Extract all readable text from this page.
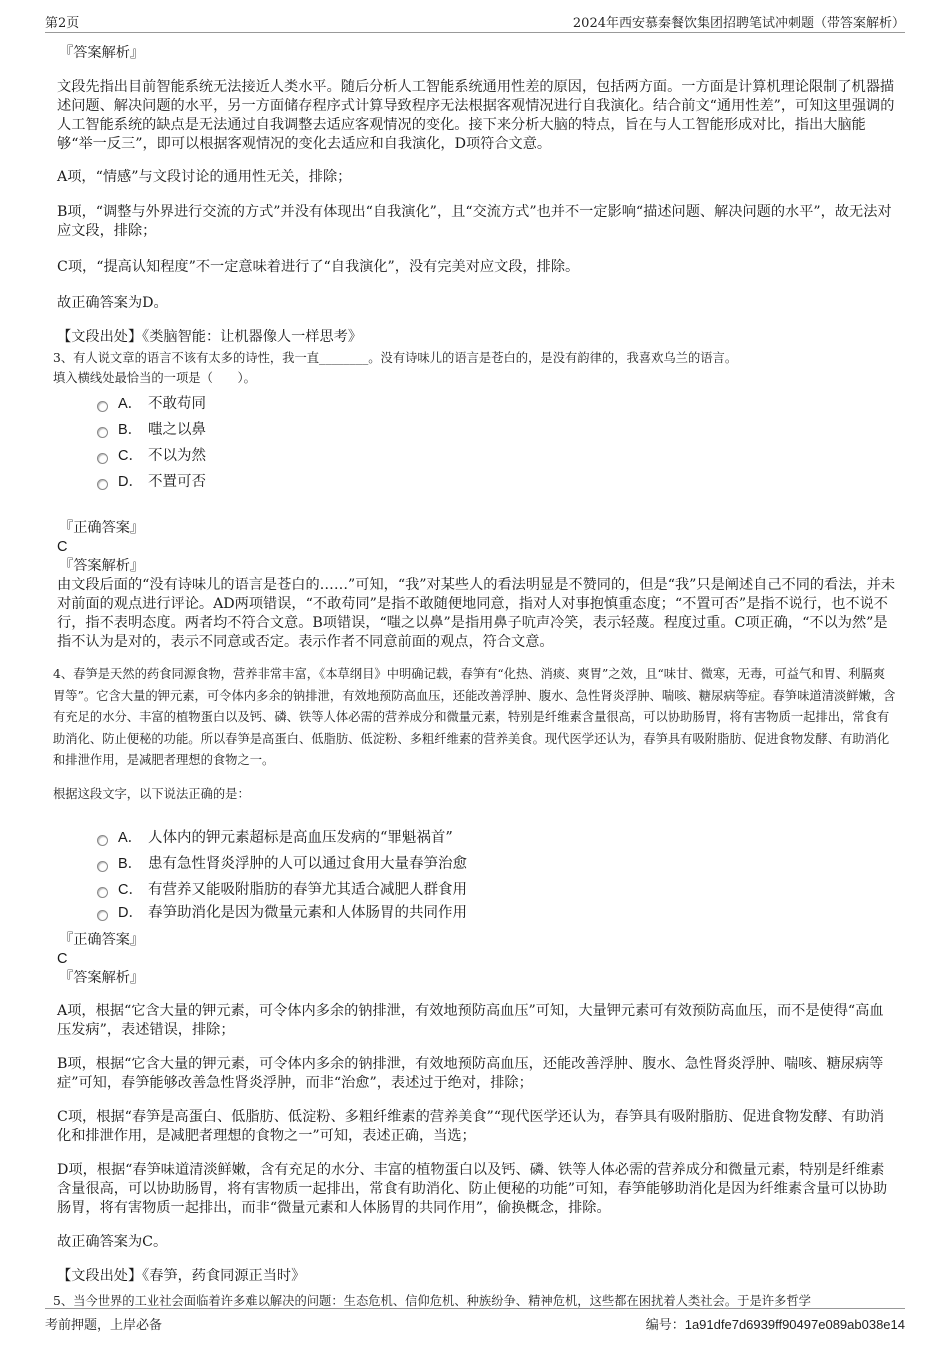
第2页	2024年西安慕秦餐饮集团招聘笔试冲刺题（带答案解析）
『答案解析』

文段先指出目前智能系统无法接近人类水平。随后分析人工智能系统通用性差的原因，包括两方面。一方面是计算机理论限制了机器描述问题、解决问题的水平，另一方面储存程序式计算导致程序无法根据客观情况进行自我演化。结合前文“通用性差”，可知这里强调的人工智能系统的缺点是无法通过自我调整去适应客观情况的变化。接下来分析大脑的特点，旨在与人工智能形成对比，指出大脑能够“举一反三”，即可以根据客观情况的变化去适应和自我演化，D项符合文意。

A项，“情感”与文段讨论的通用性无关，排除；

B项，“调整与外界进行交流的方式”并没有体现出“自我演化”，且“交流方式”也并不一定影响“描述问题、解决问题的水平”，故无法对应文段，排除；

C项，“提高认知程度”不一定意味着进行了“自我演化”，没有完美对应文段，排除。

故正确答案为D。

【文段出处】《类脑智能：让机器像人一样思考》

3、有人说文章的语言不该有太多的诗性，我一直________。没有诗味儿的语言是苍白的，是没有韵律的，我喜欢乌兰的语言。
填入横线处最恰当的一项是（　　）。
A． 不敢苟同
B． 嗤之以鼻
C． 不以为然
D． 不置可否
『正确答案』
C
『答案解析』

由文段后面的“没有诗味儿的语言是苍白的……”可知，“我”对某些人的看法明显是不赞同的，但是“我”只是阐述自己不同的看法，并未对前面的观点进行评论。AD两项错误，“不敢苟同”是指不敢随便地同意，指对人对事抱慎重态度；“不置可否”是指不说行，也不说不行，指不表明态度。两者均不符合文意。B项错误，“嗤之以鼻”是指用鼻子吭声冷笑，表示轻蔑。程度过重。C项正确，“不以为然”是指不认为是对的，表示不同意或否定。表示作者不同意前面的观点，符合文意。

4、春笋是天然的药食同源食物，营养非常丰富，《本草纲目》中明确记载，春笋有“化热、消痰、爽胃”之效，且“味甘、微寒，无毒，可益气和胃、利膈爽胃等”。它含大量的钾元素，可令体内多余的钠排泄，有效地预防高血压，还能改善浮肿、腹水、急性肾炎浮肿、喘咳、糖尿病等症。春笋味道清淡鲜嫩，含有充足的水分、丰富的植物蛋白以及钙、磷、铁等人体必需的营养成分和微量元素，特别是纤维素含量很高，可以协助肠胃，将有害物质一起排出，常食有助消化、防止便秘的功能。所以春笋是高蛋白、低脂肪、低淀粉、多粗纤维素的营养美食。现代医学还认为，春笋具有吸附脂肪、促进食物发酵、有助消化和排泄作用，是减肥者理想的食物之一。
根据这段文字，以下说法正确的是：
A． 人体内的钾元素超标是高血压发病的“罪魁祸首”
B． 患有急性肾炎浮肿的人可以通过食用大量春笋治愈
C． 有营养又能吸附脂肪的春笋尤其适合减肥人群食用
D． 春笋助消化是因为微量元素和人体肠胃的共同作用
『正确答案』
C
『答案解析』

A项，根据“它含大量的钾元素，可令体内多余的钠排泄，有效地预防高血压”可知，大量钾元素可有效预防高血压，而不是使得“高血压发病”，表述错误，排除；

B项，根据“它含大量的钾元素，可令体内多余的钠排泄，有效地预防高血压，还能改善浮肿、腹水、急性肾炎浮肿、喘咳、糖尿病等症”可知，春笋能够改善急性肾炎浮肿，而非“治愈”，表述过于绝对，排除；

C项，根据“春笋是高蛋白、低脂肪、低淀粉、多粗纤维素的营养美食”“现代医学还认为，春笋具有吸附脂肪、促进食物发酵、有助消化和排泄作用，是减肥者理想的食物之一”可知，表述正确，当选；

D项，根据“春笋味道清淡鲜嫩，含有充足的水分、丰富的植物蛋白以及钙、磷、铁等人体必需的营养成分和微量元素，特别是纤维素含量很高，可以协助肠胃，将有害物质一起排出，常食有助消化、防止便秘的功能”可知，春笋能够助消化是因为纤维素含量可以协助肠胃，将有害物质一起排出，而非“微量元素和人体肠胃的共同作用”，偷换概念，排除。

故正确答案为C。

【文段出处】《春笋，药食同源正当时》

5、当今世界的工业社会面临着许多难以解决的问题：生态危机、信仰危机、种族纷争、精神危机，这些都在困扰着人类社会。于是许多哲学
考前押题，上岸必备	编号：1a91dfe7d6939ff90497e089ab038e14
